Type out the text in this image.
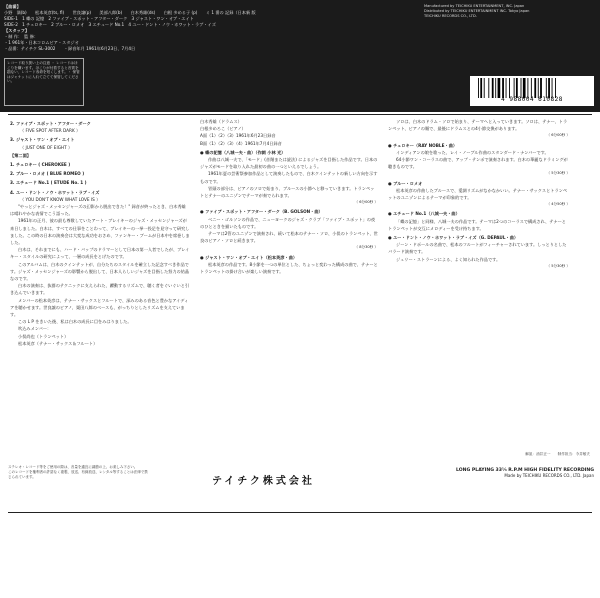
【曲番】
小野　満(b)　　松本英彦(ts, fl)　　世良譲(p)　　美部八郎(b)　　白木秀雄(ds)　　白根 多める子 (p)　　ミ 1 番の 記録（日本新 版
SIDE-1　1 蝶の 記憶　2 ファイブ・スポット・アフター・ダーク　3 ジャスト・ワン・オブ・エイト
SIDE-2　1 チェロキー　2 ブルー・ロメオ　3 エチュード No.1　4 ユー・ドント・ノウ・ホワット・ラブ・イズ
【スタッフ】
・制 作：　監 修：
・1 961年・日本コロムビア・スタジオ
・品番：テイチク SL-3002　　・録音年月 1961年6月23日、7月4日
レコード取り扱い上の注意 ・ レコードはほこりを嫌います。ほこりが付着すると音質を損ない、レコード寿命を短くします。・ 保管はジャケットに入れて立てて保管してください。
Manufactured by TEICHIKU ENTERTAINMENT, INC. Japan
Distributed by TEICHIKU ENTERTAINMENT INC. Tokyo Japan
TEICHIKU RECORDS CO., LTD.
4 988004 610828
2. ファイブ・スポット・アフター・ダーク
（ FIVE SPOT AFTER DARK ）
3. ジャスト・ワン・オブ・エイト
（ JUST ONE OF EIGHT ）
【第二面】
1. チェロキー ( CHEROKEE )
2. ブルー・ロメオ ( BLUE ROMEO )
3. エチュード No.1 ( ETUDE No. 1 )
4. ユー・ドント・ノウ・ホワット・ラブ・イズ
（ YOU DON'T KNOW WHAT LOVE IS ）

"やっとジャズ・メッセンジャーズの幻影から脱出できた！" 録音が終ったとき、白木秀雄は晴れやかな表情でこう語った。

1961年の正月、彼の最も尊敬していたアート・ブレイキーのジャズ・メッセンジャーズが来日しました。白木は、すべての仕事をことわって、ブレイキーの一挙一投足を見守って研究しました。この時の日本の演奏会は大変な成功をおさめ、ファンキー・ブームが日本中を席巻しました。

白木は、それまでにも、ハード・バップのドラマーとして日本の第一人者でしたが、ブレイキー・スタイルの研究によって、一層の成長をとげたのです。

このアルバムは、白木のクインテットが、自分たちのスタイルを確立した記念すべき作品です。ジャズ・メッセンジャーズの影響から脱出して、日本人らしいジャズを目指した努力の結晶なのです。

白木の演奏は、抜群のテクニックに支えられた、躍動するリズムで、聴く者をぐいぐいと引き込んでいきます。

メンバーの松本英彦は、テナー・サックスとフルートで、深みのある音色と豊かなアイディアを聴かせます。世良譲のピアノ、栗田八郎のベースも、がっちりとしたリズムを支えています。

この L P をきいた後、私は白木の成長に目をみはりました。

吹込みメンバー：

小俣尚也（トランペット）

松本英彦（テナー・サックス＆フルート）

白木秀雄（ドラムス）
白根多めろこ（ピアノ）
A面（1）（2）（3）1961年6月23日録音
B面（1）（2）（3）（4）1961年7月4日録音
● 蝶の記憶（八城一夫・曲）（作詞 小林 光）

作曲は八城一夫で、「モード」(音階または旋法) によるジャズを目指した作品です。日本のジャズがモードを取り入れた最初の曲の一つといえるでしょう。

1961年夏の芸術祭参加作品として演奏したもので、白木クインテットの新しい方向を示すものです。

冒頭の部分は、ピアノのソロで始まり、ブルースの小節へと移っていきます。トランペットとテナーのユニゾンでテーマが奏でられます。

（ 6分00秒 ）
● ファイブ・スポット・アフター・ダーク（B. GOLSON・曲）

ベニー・ゴルソンの作品で、ニューヨークのジャズ・クラブ「ファイブ・スポット」の夜のひとときを描いたものです。

テーマは2管のユニゾンで演奏され、続いて松本のテナー・ソロ、小俣のトランペット、世良のピアノ・ソロと続きます。

（ 8分30秒 ）
● ジャスト・ワン・オブ・エイト（松本英彦・曲）

松本英彦の作品です。8小節を一つの単位とした、ちょっと変わった構成の曲で、テナーとトランペットの掛け合いが楽しい演奏です。

ソロは、白木のドラム・ソロで始まり、テーマへと入っていきます。ソロは、テナー、トランペット、ピアノの順で、最後にドラムスとの4小節交換があります。

（ 6分00秒 ）
● チェロキー（RAY NOBLE・曲）

インディアンの娘を歌った、レイ・ノーブル作曲のスタンダード・ナンバーです。

64小節ワン・コーラスの曲で、アップ・テンポで演奏されます。白木の華麗なドラミングが聴きものです。

（ 5分30秒 ）
● ブルー・ロメオ

松本英彦の作曲したブルースで、愛調リズムがなかなかいい。テナー・サックスとトランペットのユニゾンによるテーマが印象的です。

（ 4分50秒 ）
● エチュード No.1（八城一夫・曲）

「蝶の記憶」と同様、八城一夫の作品です。テーマは2つのコーラスで構成され、テナーとトランペットが交互にメロディーを受け持ちます。

● ユー・ドント・ノウ・ホワット・ラブ・イズ（G. DEPAUL・曲）

ジーン・ドポールの名曲で、松本のフルートがフィーチャーされています。しっとりとしたバラード演奏です。

ジュリー・ストラーンによる、よく知られた作品です。

（ 5分30秒 ）
ステレオ・レコード等をご使用の際は、音量を適宜に調節の上、お楽しみ下さい。
このレコードを権利者の許諾なく複製、放送、有線放送、レンタル等することは法律で禁じられています。
解説：油井正一　　制作担当：今井敏夫
テイチク株式会社
LONG PLAYING 33⅓ R.P.M HIGH FIDELITY RECORDING
Made by TEICHIKU RECORDS CO., LTD. Japan
